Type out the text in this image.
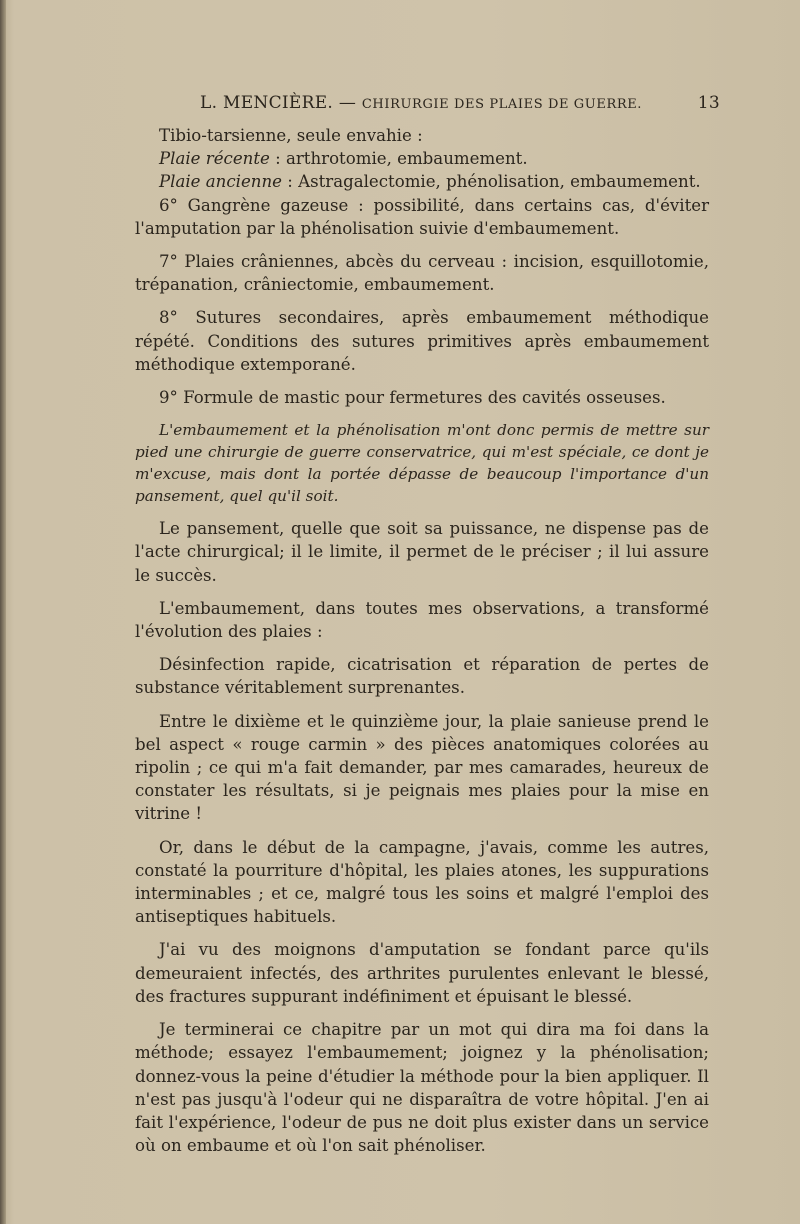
L. MENCIÈRE. — CHIRURGIE DES PLAIES DE GUERRE.	13

Tibio-tarsienne, seule envahie :

Plaie récente : arthrotomie, embaumement.

Plaie ancienne : Astragalectomie, phénolisation, embaumement.

6° Gangrène gazeuse : possibilité, dans certains cas, d'éviter l'amputation par la phénolisation suivie d'embaumement.

7° Plaies crâniennes, abcès du cerveau : incision, esquillotomie, trépanation, crâniectomie, embaumement.

8° Sutures secondaires, après embaumement méthodique répété. Conditions des sutures primitives après embaumement méthodique extemporané.

9° Formule de mastic pour fermetures des cavités osseuses.

L'embaumement et la phénolisation m'ont donc permis de mettre sur pied une chirurgie de guerre conservatrice, qui m'est spéciale, ce dont je m'excuse, mais dont la portée dépasse de beaucoup l'importance d'un pansement, quel qu'il soit.

Le pansement, quelle que soit sa puissance, ne dispense pas de l'acte chirurgical; il le limite, il permet de le préciser ; il lui assure le succès.

L'embaumement, dans toutes mes observations, a transformé l'évolution des plaies :

Désinfection rapide, cicatrisation et réparation de pertes de substance véritablement surprenantes.

Entre le dixième et le quinzième jour, la plaie sanieuse prend le bel aspect « rouge carmin » des pièces anatomiques colorées au ripolin ; ce qui m'a fait demander, par mes camarades, heureux de constater les résultats, si je peignais mes plaies pour la mise en vitrine !

Or, dans le début de la campagne, j'avais, comme les autres, constaté la pourriture d'hôpital, les plaies atones, les suppurations interminables ; et ce, malgré tous les soins et malgré l'emploi des antiseptiques habituels.

J'ai vu des moignons d'amputation se fondant parce qu'ils demeuraient infectés, des arthrites purulentes enlevant le blessé, des fractures suppurant indéfiniment et épuisant le blessé.

Je terminerai ce chapitre par un mot qui dira ma foi dans la méthode; essayez l'embaumement; joignez y la phénolisation; donnez-vous la peine d'étudier la méthode pour la bien appliquer. Il n'est pas jusqu'à l'odeur qui ne disparaîtra de votre hôpital. J'en ai fait l'expérience, l'odeur de pus ne doit plus exister dans un service où on embaume et où l'on sait phénoliser.
